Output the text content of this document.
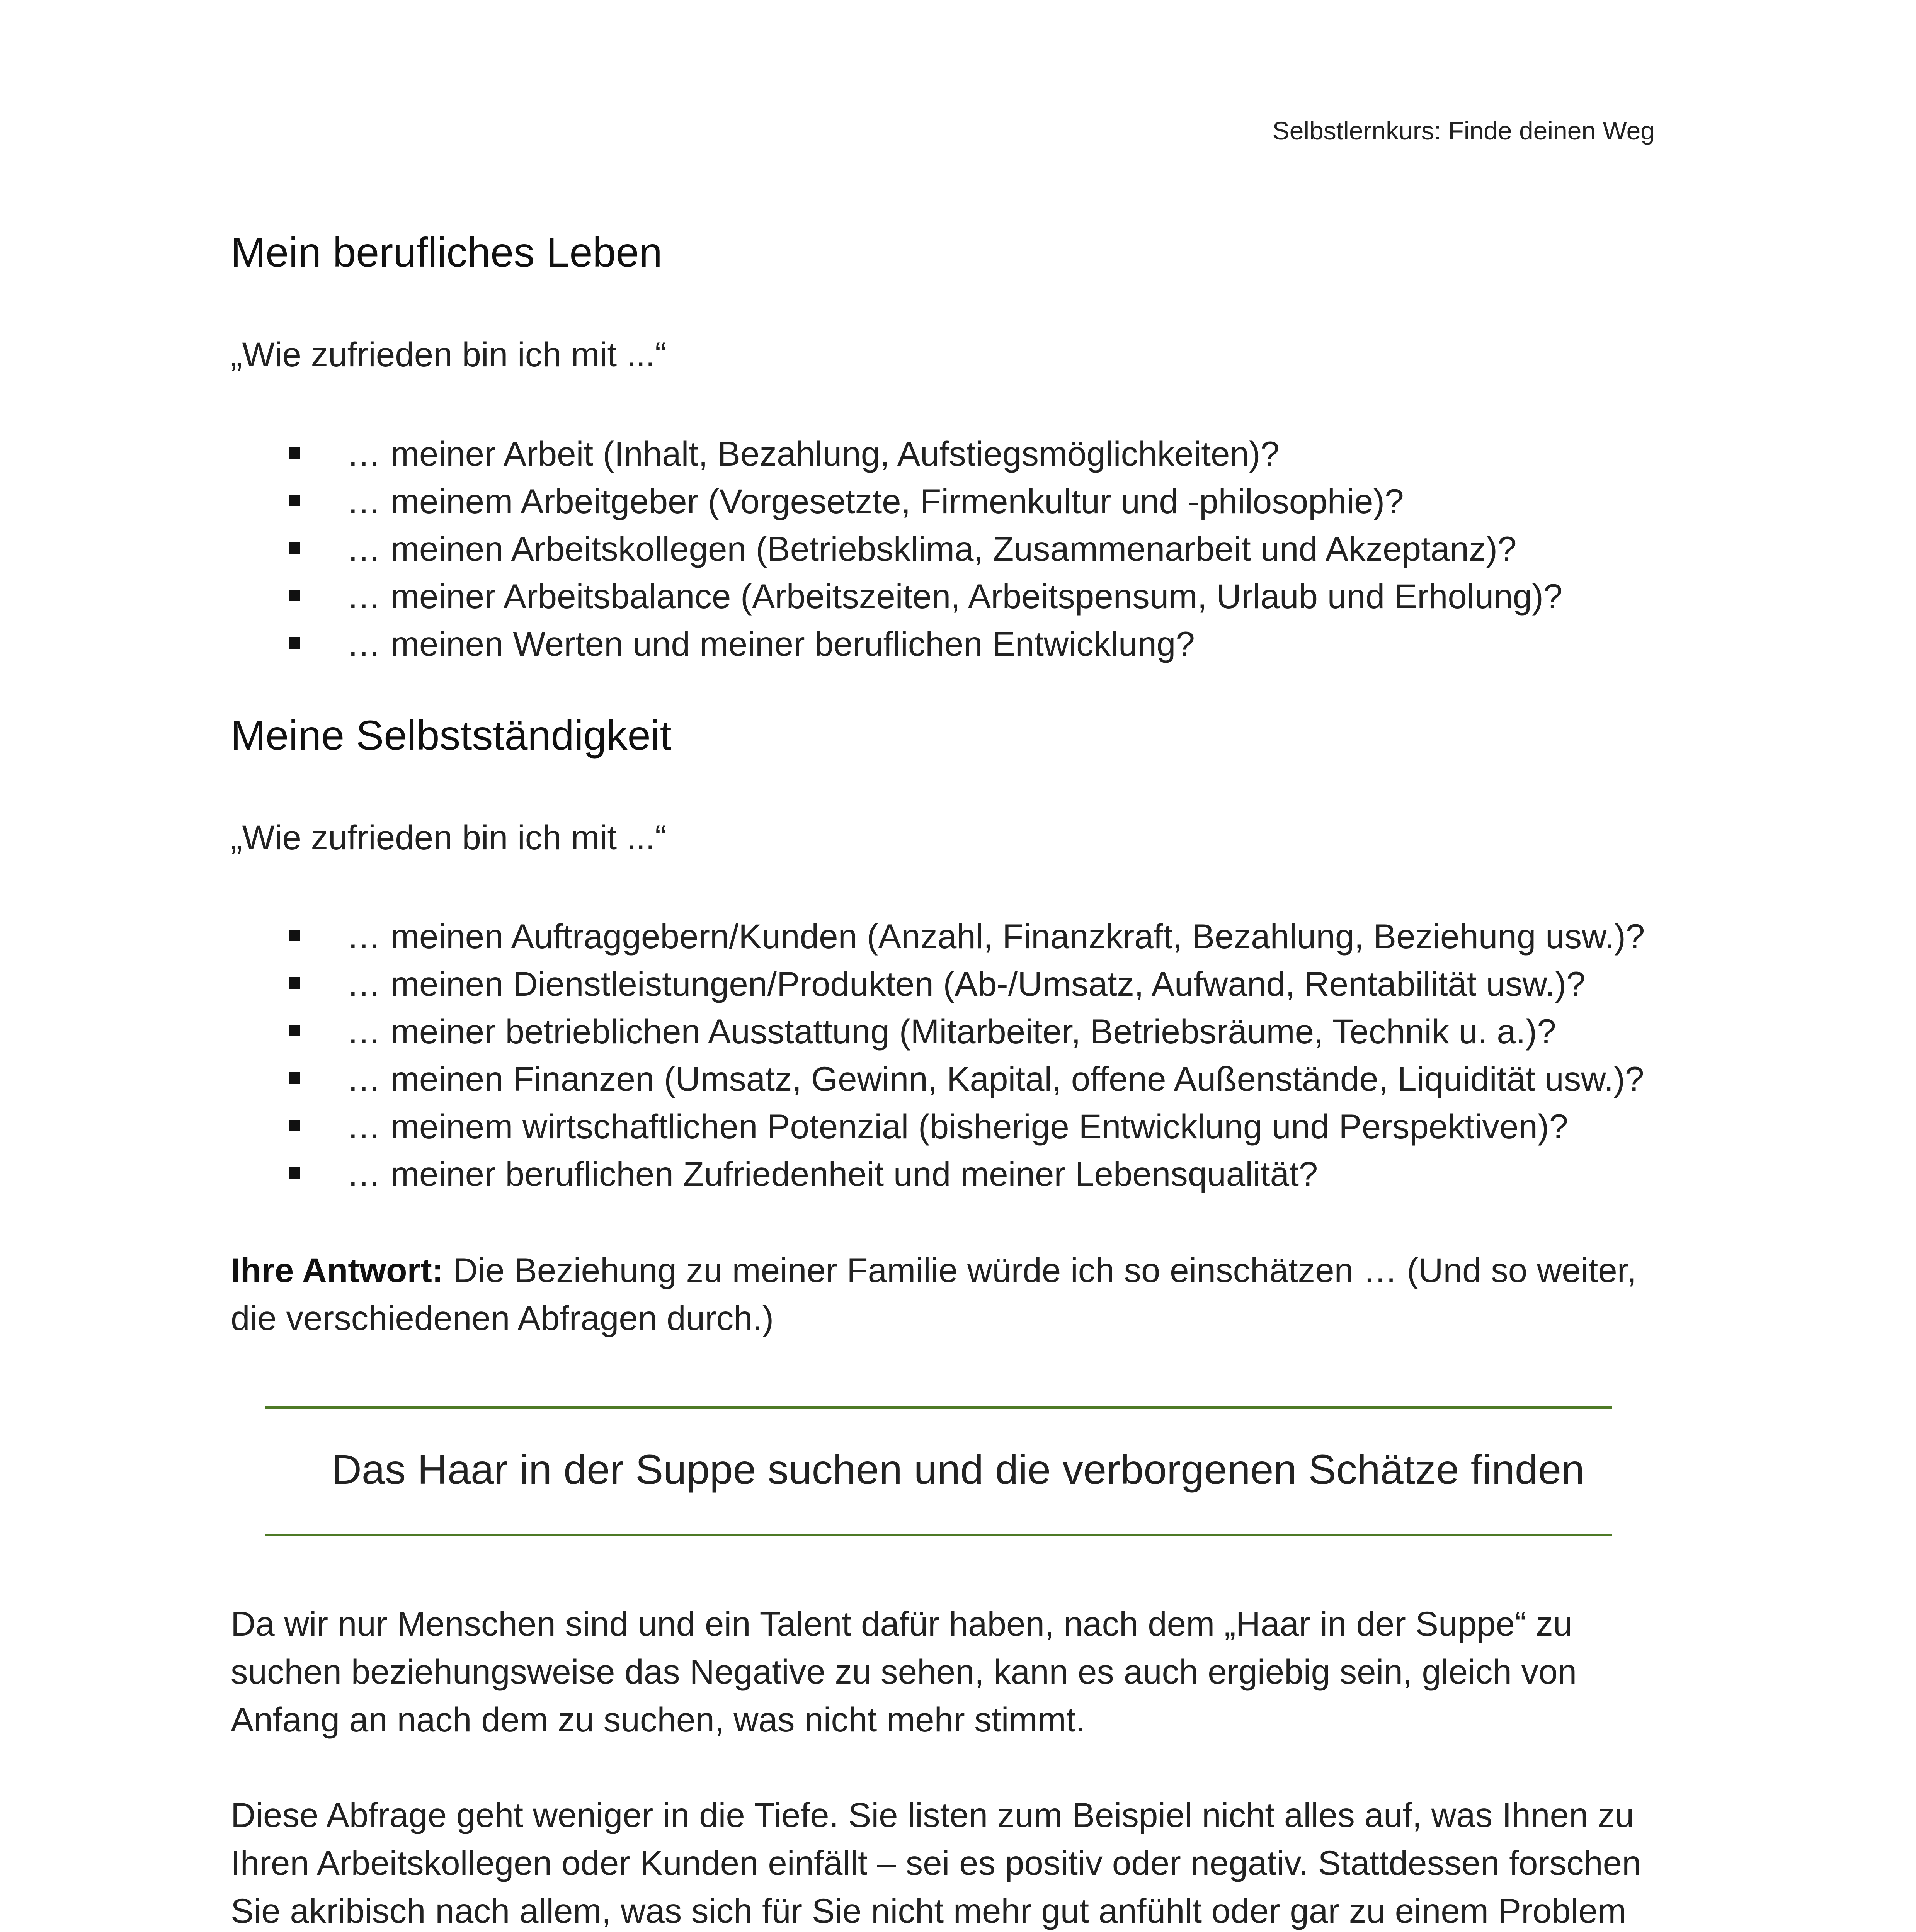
Selbstlernkurs: Finde deinen Weg
Mein berufliches Leben

„Wie zufrieden bin ich mit ...“

… meiner Arbeit (Inhalt, Bezahlung, Aufstiegsmöglichkeiten)?
… meinem Arbeitgeber (Vorgesetzte, Firmenkultur und -philosophie)?
… meinen Arbeitskollegen (Betriebsklima, Zusammenarbeit und Akzeptanz)?
… meiner Arbeitsbalance (Arbeitszeiten, Arbeitspensum, Urlaub und Erholung)?
… meinen Werten und meiner beruflichen Entwicklung?
Meine Selbstständigkeit

„Wie zufrieden bin ich mit ...“

… meinen Auftraggebern/Kunden (Anzahl, Finanzkraft, Bezahlung, Beziehung usw.)?
… meinen Dienstleistungen/Produkten (Ab-/Umsatz, Aufwand, Rentabilität usw.)?
… meiner betrieblichen Ausstattung (Mitarbeiter, Betriebsräume, Technik u. a.)?
… meinen Finanzen (Umsatz, Gewinn, Kapital, offene Außenstände, Liquidität usw.)?
… meinem wirtschaftlichen Potenzial (bisherige Entwicklung und Perspektiven)?
… meiner beruflichen Zufriedenheit und meiner Lebensqualität?

Ihre Antwort: Die Beziehung zu meiner Familie würde ich so einschätzen … (Und so weiter, die verschiedenen Abfragen durch.)

Da wir nur Menschen sind und ein Talent dafür haben, nach dem „Haar in der Suppe“ zu suchen beziehungsweise das Negative zu sehen, kann es auch ergiebig sein, gleich von Anfang an nach dem zu suchen, was nicht mehr stimmt.

Diese Abfrage geht weniger in die Tiefe. Sie listen zum Beispiel nicht alles auf, was Ihnen zu Ihren Arbeitskollegen oder Kunden einfällt – sei es positiv oder negativ. Stattdessen forschen Sie akribisch nach allem, was sich für Sie nicht mehr gut anfühlt oder gar zu einem Problem

Das Haar in der Suppe suchen und die verborgenen Schätze finden
